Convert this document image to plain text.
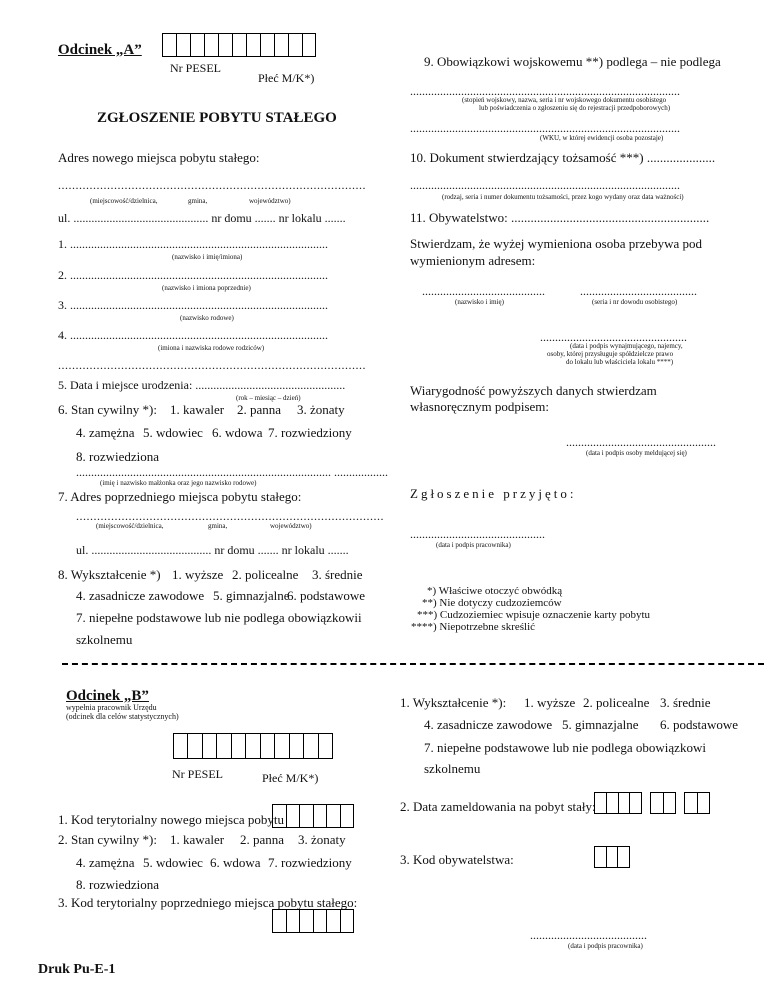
Odcinek „A”
Nr PESEL
Płeć M/K*)
ZGŁOSZENIE POBYTU STAŁEGO
Adres nowego miejsca pobytu stałego:
........................................................................................
(miejscowość/dzielnica,	gmina,	województwo)
ul. ............................................. nr domu ....... nr lokalu .......
1. ......................................................................................
(nazwisko i imię/imiona)
2. ......................................................................................
(nazwisko i imiona poprzednie)
3. ......................................................................................
(nazwisko rodowe)
4. ......................................................................................
(imiona i nazwiska rodowe rodziców)
........................................................................................
5. Data i miejsce urodzenia: ..................................................
(rok – miesiąc – dzień)
6. Stan cywilny *): 1. kawaler 2. panna 3. żonaty
4. zamężna 5. wdowiec 6. wdowa 7. rozwiedziony
8. rozwiedziona
..................................................................................... ..................
(imię i nazwisko małżonka oraz jego nazwisko rodowe)
7. Adres poprzedniego miejsca pobytu stałego:
........................................................................................
(miejscowość/dzielnica,	gmina,	województwo)
ul. ........................................ nr domu ....... nr lokalu .......
8. Wykształcenie *) 1. wyższe 2. policealne 3. średnie
4. zasadnicze zawodowe 5. gimnazjalne
6. podstawowe
7. niepełne podstawowe lub nie podlega obowiązkowii
szkolnemu
9. Obowiązkowi wojskowemu **) podlega – nie podlega
..........................................................................................
(stopień wojskowy, nazwa, seria i nr wojskowego dokumentu osobistego
lub poświadczenia o zgłoszeniu się do rejestracji przedpoborowych)
..........................................................................................
(WKU, w której ewidencji osoba pozostaje)
10. Dokument stwierdzający tożsamość ***) .....................
..........................................................................................
(rodzaj, seria i numer dokumentu tożsamości, przez kogo wydany oraz data ważności)
11. Obywatelstwo: .............................................................
Stwierdzam, że wyżej wymieniona osoba przebywa pod
wymienionym adresem:
.........................................
(nazwisko i imię)
.......................................
(seria i nr dowodu osobistego)
.................................................
(data i podpis wynajmującego, najemcy,
osoby, której przysługuje spółdzielcze prawo
do lokalu lub właściciela lokalu ****)
Wiarygodność powyższych danych stwierdzam
własnoręcznym podpisem:
..................................................
(data i podpis osoby meldującej się)
Zgłoszenie przyjęto:
.............................................
(data i podpis pracownika)
*) Właściwe otoczyć obwódką
**) Nie dotyczy cudzoziemców
***) Cudzoziemiec wpisuje oznaczenie karty pobytu
****) Niepotrzebne skreślić
Odcinek „B”
wypełnia pracownik Urzędu
(odcinek dla celów statystycznych)
Nr PESEL	Płeć M/K*)
1. Kod terytorialny nowego miejsca pobytu
2. Stan cywilny *): 1. kawaler 2. panna 3. żonaty
4. zamężna 5. wdowiec 6. wdowa 7. rozwiedziony
8. rozwiedziona
3. Kod terytorialny poprzedniego miejsca pobytu stałego:
Druk Pu-E-1
1. Wykształcenie *): 1. wyższe 2. policealne 3. średnie
4. zasadnicze zawodowe 5. gimnazjalne 6. podstawowe
7. niepełne podstawowe lub nie podlega obowiązkowi
szkolnemu
2. Data zameldowania na pobyt stały:
3. Kod obywatelstwa:
.......................................
(data i podpis pracownika)
